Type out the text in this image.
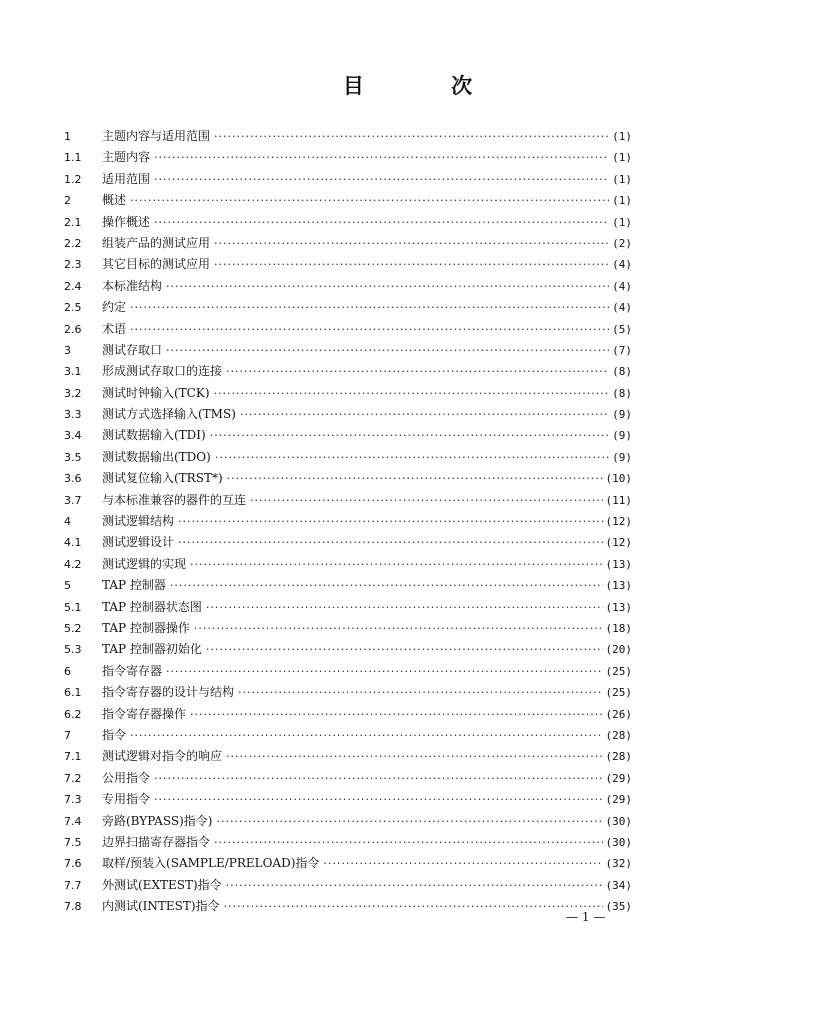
目 次
1	主题内容与适用范围 ·····	(1)
1.1	主题内容 ·····	(1)
1.2	适用范围 ·····	(1)
2	概述 ·····	(1)
2.1	操作概述 ·····	(1)
2.2	组装产品的测试应用 ·····	(2)
2.3	其它目标的测试应用 ·····	(4)
2.4	本标准结构 ·····	(4)
2.5	约定 ·····	(4)
2.6	术语 ·····	(5)
3	测试存取口 ·····	(7)
3.1	形成测试存取口的连接 ·····	(8)
3.2	测试时钟输入(TCK) ·····	(8)
3.3	测试方式选择输入(TMS) ·····	(9)
3.4	测试数据输入(TDI) ·····	(9)
3.5	测试数据输出(TDO) ·····	(9)
3.6	测试复位输入(TRST*) ·····	(10)
3.7	与本标准兼容的器件的互连 ·····	(11)
4	测试逻辑结构 ·····	(12)
4.1	测试逻辑设计 ·····	(12)
4.2	测试逻辑的实现 ·····	(13)
5	TAP 控制器 ·····	(13)
5.1	TAP 控制器状态图 ·····	(13)
5.2	TAP 控制器操作 ·····	(18)
5.3	TAP 控制器初始化 ·····	(20)
6	指令寄存器 ·····	(25)
6.1	指令寄存器的设计与结构 ·····	(25)
6.2	指令寄存器操作 ·····	(26)
7	指令 ·····	(28)
7.1	测试逻辑对指令的响应 ·····	(28)
7.2	公用指令 ·····	(29)
7.3	专用指令 ·····	(29)
7.4	旁路(BYPASS)指令) ·····	(30)
7.5	边界扫描寄存器指令 ·····	(30)
7.6	取样/预装入(SAMPLE/PRELOAD)指令 ·····	(32)
7.7	外测试(EXTEST)指令 ·····	(34)
7.8	内测试(INTEST)指令 ·····	(35)
— 1 —
